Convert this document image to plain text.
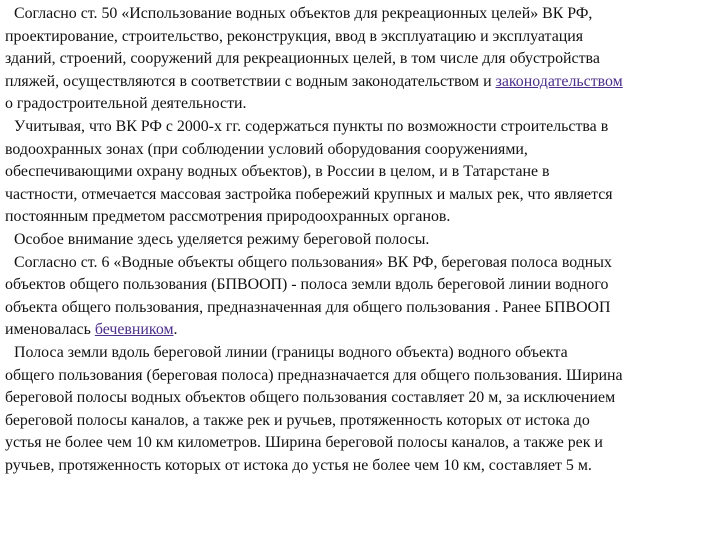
Согласно ст. 50 «Использование водных объектов для рекреационных целей» ВК РФ,
проектирование, строительство, реконструкция, ввод в эксплуатацию и эксплуатация
зданий, строений, сооружений для рекреационных целей, в том числе для обустройства
пляжей, осуществляются в соответствии с водным законодательством и законодательством
о градостроительной деятельности.
Учитывая, что ВК РФ с 2000-х гг. содержаться пункты по возможности строительства в
водоохранных зонах (при соблюдении условий оборудования сооружениями,
обеспечивающими охрану водных объектов), в России в целом, и в Татарстане в
частности, отмечается массовая застройка побережий крупных и малых рек, что является
постоянным предметом рассмотрения природоохранных органов.
Особое внимание здесь уделяется режиму береговой полосы.
Согласно ст. 6 «Водные объекты общего пользования» ВК РФ, береговая полоса водных
объектов общего пользования (БПВООП) - полоса земли вдоль береговой линии водного
объекта общего пользования, предназначенная для общего пользования . Ранее БПВООП
именовалась бечевником.
Полоса земли вдоль береговой линии (границы водного объекта) водного объекта
общего пользования (береговая полоса) предназначается для общего пользования. Ширина
береговой полосы водных объектов общего пользования составляет 20 м, за исключением
береговой полосы каналов, а также рек и ручьев, протяженность которых от истока до
устья не более чем 10 км километров. Ширина береговой полосы каналов, а также рек и
ручьев, протяженность которых от истока до устья не более чем 10 км, составляет 5 м.
